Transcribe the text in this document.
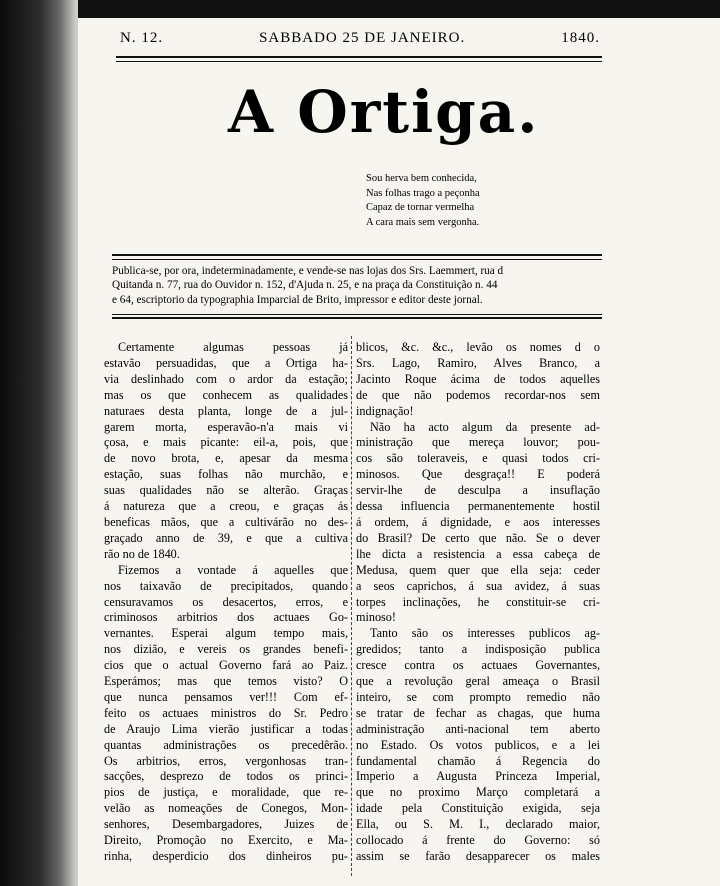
N. 12.	SABBADO 25 DE JANEIRO.	1840.
A Ortiga.
Sou herva bem conhecida,
Nas folhas trago a peçonha
Capaz de tornar vermelha
A cara mais sem vergonha.
Publica-se, por ora, indeterminadamente, e vende-se nas lojas dos Srs. Laemmert, rua d
Quitanda n. 77, rua do Ouvidor n. 152, d'Ajuda n. 25, e na praça da Constituição n. 44
e 64, escriptorio da typographia Imparcial de Brito, impressor e editor deste jornal.
Certamente algumas pessoas já
estavão persuadidas, que a Ortiga ha-
via deslinhado com o ardor da estação;
mas os que conhecem as qualidades
naturaes desta planta, longe de a jul-
garem morta, esperavão-n'a mais vi
çosa, e mais picante: eil-a, pois, que
de novo brota, e, apesar da mesma
estação, suas folhas não murchão, e
suas qualidades não se alterão. Graças
á natureza que a creou, e graças ás
beneficas mãos, que a cultivárão no des-
graçado anno de 39, e que a cultiva
rão no de 1840.
Fizemos a vontade á aquelles que
nos taixavão de precipitados, quando
censuravamos os desacertos, erros, e
criminosos arbitrios dos actuaes Go-
vernantes. Esperai algum tempo mais,
nos dizião, e vereis os grandes benefi-
cios que o actual Governo fará ao Paiz.
Esperámos; mas que temos visto? O
que nunca pensamos ver!!! Com ef-
feito os actuaes ministros do Sr. Pedro
de Araujo Lima vierão justificar a todas
quantas administrações os precedêrão.
Os arbitrios, erros, vergonhosas tran-
sacções, desprezo de todos os princi-
pios de justiça, e moralidade, que re-
velão as nomeações de Conegos, Mon-
senhores, Desembargadores, Juizes de
Direito, Promoção no Exercito, e Ma-
rinha, desperdicio dos dinheiros pu-
blicos, &c. &c., levão os nomes d o
Srs. Lago, Ramiro, Alves Branco, a
Jacinto Roque ácima de todos aquelles
de que não podemos recordar-nos sem
indignação!
Não ha acto algum da presente ad-
ministração que mereça louvor; pou-
cos são toleraveis, e quasi todos cri-
minosos. Que desgraça!! E poderá
servir-lhe de desculpa a insuflação
dessa influencia permanentemente hostil
á ordem, á dignidade, e aos interesses
do Brasil? De certo que não. Se o dever
lhe dicta a resistencia a essa cabeça de
Medusa, quem quer que ella seja: ceder
a seos caprichos, á sua avidez, á suas
torpes inclinações, he constituir-se cri-
minoso!
Tanto são os interesses publicos ag-
gredidos; tanto a indisposição publica
cresce contra os actuaes Governantes,
que a revolução geral ameaça o Brasil
inteiro, se com prompto remedio não
se tratar de fechar as chagas, que huma
administração anti-nacional tem aberto
no Estado. Os votos publicos, e a lei
fundamental chamão á Regencia do
Imperio a Augusta Princeza Imperial,
que no proximo Março completará a
idade pela Constituição exigida, seja
Ella, ou S. M. I., declarado maior,
collocado á frente do Governo: só
assim se farão desapparecer os males
